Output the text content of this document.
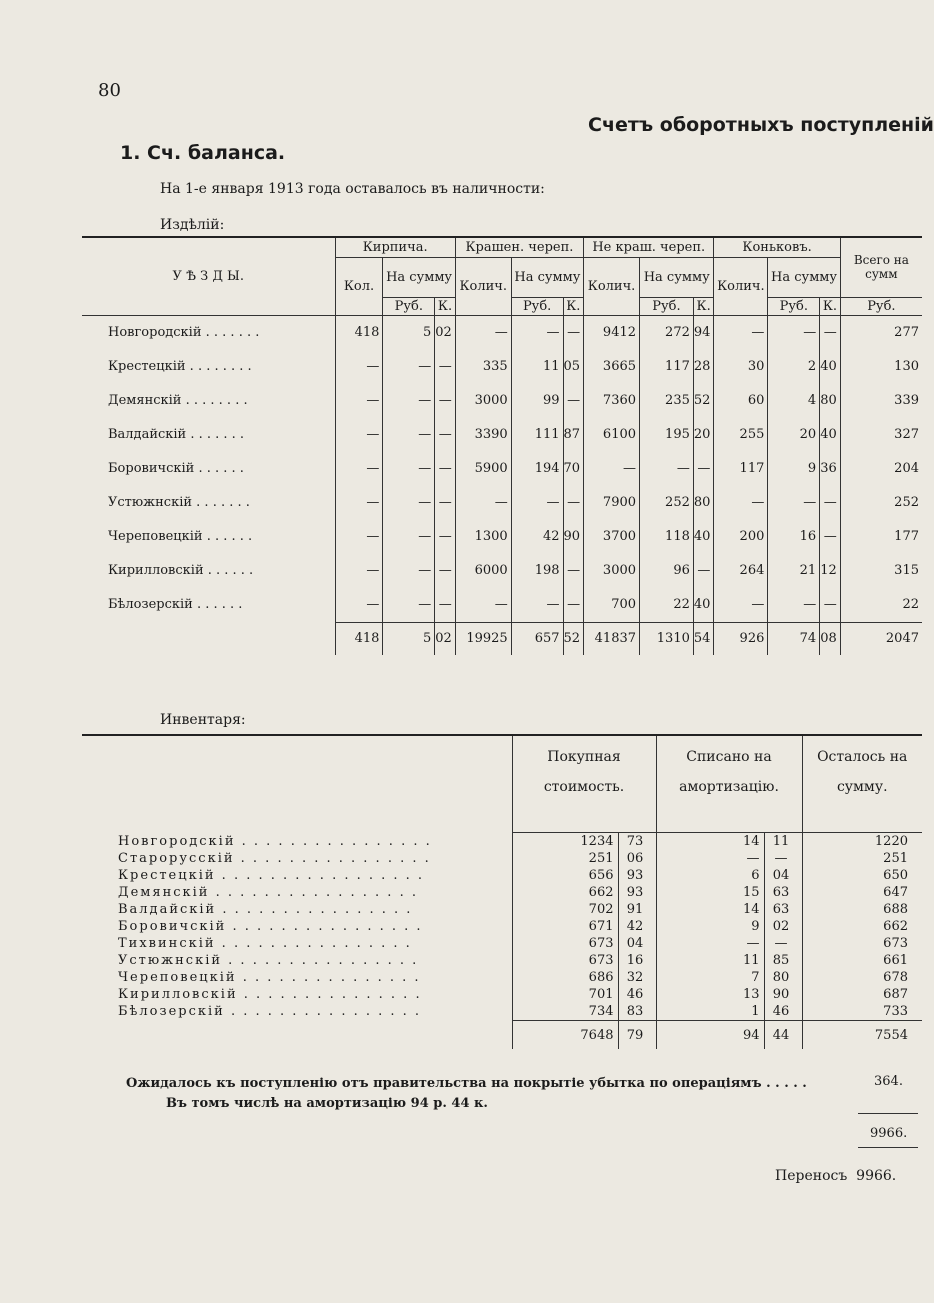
80
Счетъ оборотныхъ поступленій
1. Сч. баланса.
На 1-е января 1913 года оставалось въ наличности:
Издѣлій:
У Ѣ З Д Ы.	Кирпича.			Крашен. череп.			Не краш. череп.			Коньковъ.			Всего на сумм
	Кол.	На сумму		Колич.	На сумму		Колич.	На сумму		Колич.	На сумму		
		Руб.	К.		Руб.	К.		Руб.	К.		Руб.	К.	Руб.
Новгородскій . . . . . . .	418	5	02	—	—	—	9412	272	94	—	—	—	277
Крестецкій . . . . . . . .	—	—	—	335	11	05	3665	117	28	30	2	40	130
Демянскій . . . . . . . .	—	—	—	3000	99	—	7360	235	52	60	4	80	339
Валдайскій . . . . . . .	—	—	—	3390	111	87	6100	195	20	255	20	40	327
Боровичскій . . . . . .	—	—	—	5900	194	70	—	—	—	117	9	36	204
Устюжнскій . . . . . . .	—	—	—	—	—	—	7900	252	80	—	—	—	252
Череповецкій . . . . . .	—	—	—	1300	42	90	3700	118	40	200	16	—	177
Кирилловскій . . . . . .	—	—	—	6000	198	—	3000	96	—	264	21	12	315
Бѣлозерскій . . . . . .	—	—	—	—	—	—	700	22	40	—	—	—	22
	418	5	02	19925	657	52	41837	1310	54	926	74	08	2047
Инвентаря:
	Покупная стоимость.		Списано на амортизацію.		Осталось на сумму.
Новгородскій . . . . . . . . . . . . . . . .	1234	73	14	11	1220
Старорусскій . . . . . . . . . . . . . . . .	251	06	—	—	251
Крестецкій . . . . . . . . . . . . . . . . .	656	93	6	04	650
Демянскій . . . . . . . . . . . . . . . . .	662	93	15	63	647
Валдайскій . . . . . . . . . . . . . . . .	702	91	14	63	688
Боровичскій . . . . . . . . . . . . . . . .	671	42	9	02	662
Тихвинскій . . . . . . . . . . . . . . . .	673	04	—	—	673
Устюжнскій . . . . . . . . . . . . . . . .	673	16	11	85	661
Череповецкій . . . . . . . . . . . . . . .	686	32	7	80	678
Кирилловскій . . . . . . . . . . . . . . .	701	46	13	90	687
Бѣлозерскій . . . . . . . . . . . . . . . .	734	83	1	46	733
	7648	79	94	44	7554
Ожидалось къ поступленію отъ правительства на покрытіе убытка по операціямъ . . . . .	364.
Въ томъ числѣ на амортизацію 94 р. 44 к.
9966.
Переносъ 9966.
